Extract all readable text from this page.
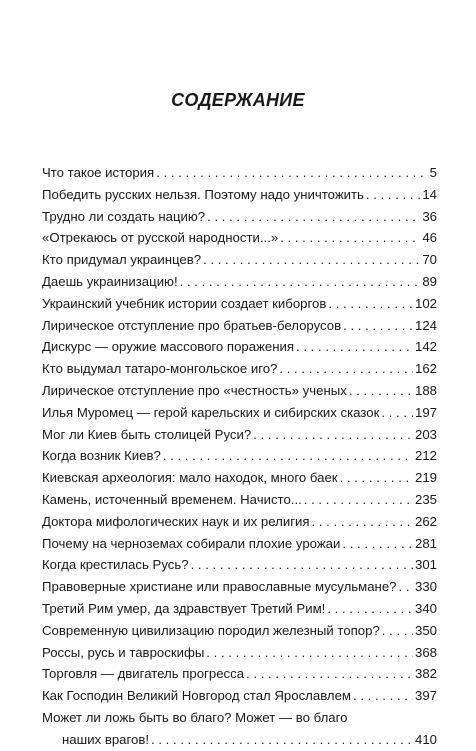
СОДЕРЖАНИЕ
Что такое история . . .	5
Победить русских нельзя. Поэтому надо уничтожить . . .	14
Трудно ли создать нацию? . . .	36
«Отрекаюсь от русской народности...» . . .	46
Кто придумал украинцев? . . .	70
Даешь украинизацию! . . .	89
Украинский учебник истории создает киборгов . . .	102
Лирическое отступление про братьев-белорусов . . .	124
Дискурс — оружие массового поражения . . .	142
Кто выдумал татаро-монгольское иго? . . .	162
Лирическое отступление про «честность» ученых . . .	188
Илья Муромец — герой карельских и сибирских сказок . . .	197
Мог ли Киев быть столицей Руси? . . .	203
Когда возник Киев? . . .	212
Киевская археология: мало находок, много баек . . .	219
Камень, источенный временем. Начисто... . . .	235
Доктора мифологических наук и их религия . . .	262
Почему на черноземах собирали плохие урожаи . . .	281
Когда крестилась Русь? . . .	301
Правоверные христиане или православные мусульмане? . . . 330
Третий Рим умер, да здравствует Третий Рим! . . .	340
Современную цивилизацию породил железный топор? . . .	350
Россы, русь и тавроскифы . . .	368
Торговля — двигатель прогресса . . .	382
Как Господин Великий Новгород стал Ярославлем . . .	397
Может ли ложь быть во благо? Может — во благо
наших врагов! . . .	410
